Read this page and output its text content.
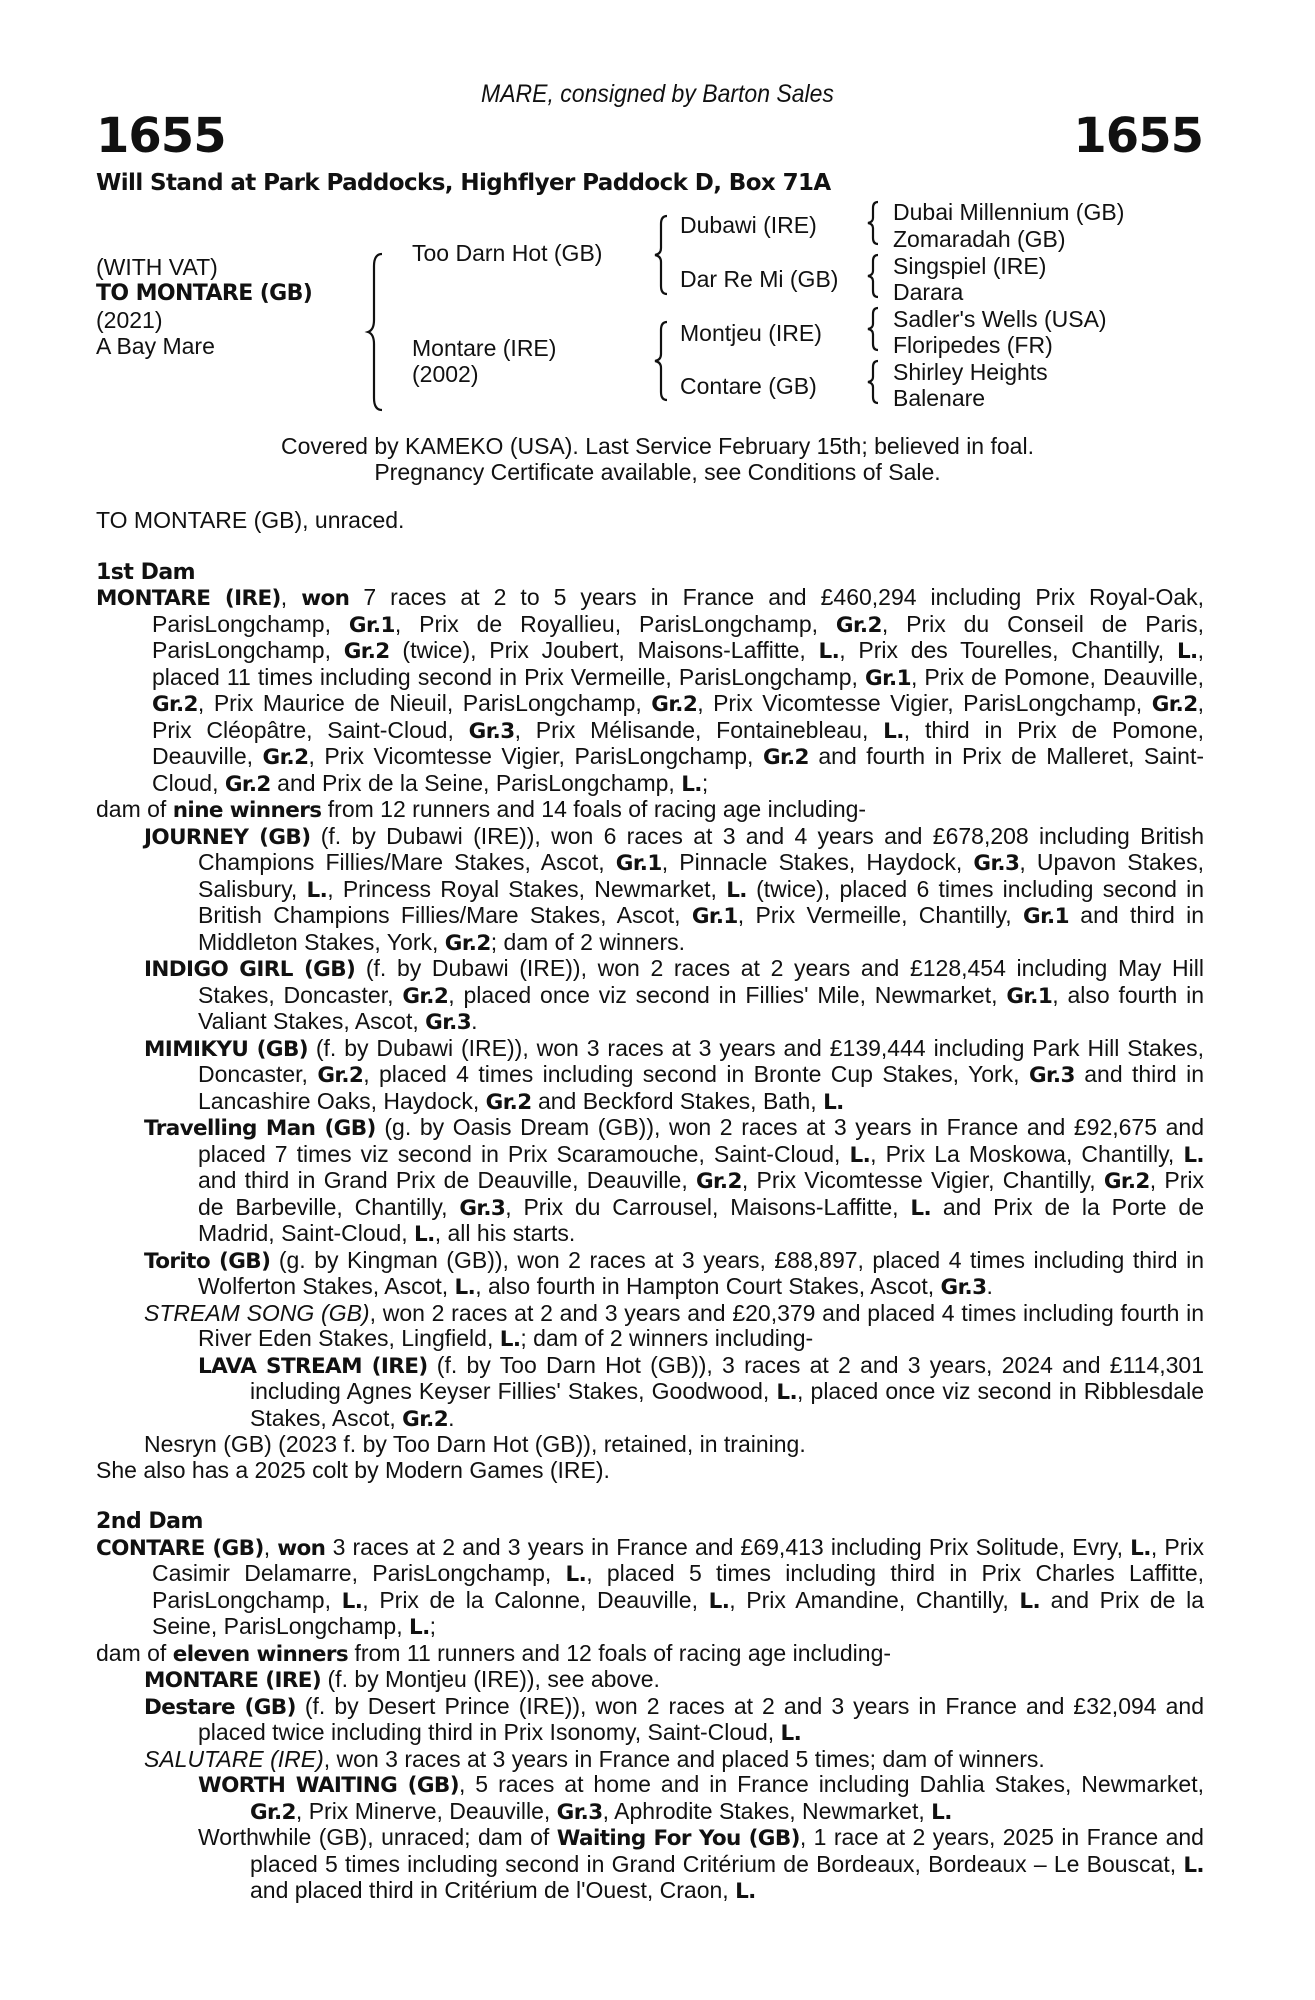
MARE, consigned by Barton Sales
1655	1655
Will Stand at Park Paddocks, Highflyer Paddock D, Box 71A
(WITH VAT)
TO MONTARE (GB)
(2021)
A Bay Mare
Too Darn Hot (GB)
Montare (IRE)
(2002)
Dubawi (IRE)
Dar Re Mi (GB)
Montjeu (IRE)
Contare (GB)
Dubai Millennium (GB)
Zomaradah (GB)
Singspiel (IRE)
Darara
Sadler's Wells (USA)
Floripedes (FR)
Shirley Heights
Balenare
Covered by KAMEKO (USA). Last Service February 15th; believed in foal.
Pregnancy Certificate available, see Conditions of Sale.

TO MONTARE (GB), unraced.

1st Dam

MONTARE (IRE), won 7 races at 2 to 5 years in France and £460,294 including Prix Royal-Oak, ParisLongchamp, Gr.1, Prix de Royallieu, ParisLongchamp, Gr.2, Prix du Conseil de Paris, ParisLongchamp, Gr.2 (twice), Prix Joubert, Maisons-Laffitte, L., Prix des Tourelles, Chantilly, L., placed 11 times including second in Prix Vermeille, ParisLongchamp, Gr.1, Prix de Pomone, Deauville, Gr.2, Prix Maurice de Nieuil, ParisLongchamp, Gr.2, Prix Vicomtesse Vigier, ParisLongchamp, Gr.2, Prix Cléopâtre, Saint-Cloud, Gr.3, Prix Mélisande, Fontainebleau, L., third in Prix de Pomone, Deauville, Gr.2, Prix Vicomtesse Vigier, ParisLongchamp, Gr.2 and fourth in Prix de Malleret, Saint-Cloud, Gr.2 and Prix de la Seine, ParisLongchamp, L.;

dam of nine winners from 12 runners and 14 foals of racing age including-

JOURNEY (GB) (f. by Dubawi (IRE)), won 6 races at 3 and 4 years and £678,208 including British Champions Fillies/Mare Stakes, Ascot, Gr.1, Pinnacle Stakes, Haydock, Gr.3, Upavon Stakes, Salisbury, L., Princess Royal Stakes, Newmarket, L. (twice), placed 6 times including second in British Champions Fillies/Mare Stakes, Ascot, Gr.1, Prix Vermeille, Chantilly, Gr.1 and third in Middleton Stakes, York, Gr.2; dam of 2 winners.

INDIGO GIRL (GB) (f. by Dubawi (IRE)), won 2 races at 2 years and £128,454 including May Hill Stakes, Doncaster, Gr.2, placed once viz second in Fillies' Mile, Newmarket, Gr.1, also fourth in Valiant Stakes, Ascot, Gr.3.

MIMIKYU (GB) (f. by Dubawi (IRE)), won 3 races at 3 years and £139,444 including Park Hill Stakes, Doncaster, Gr.2, placed 4 times including second in Bronte Cup Stakes, York, Gr.3 and third in Lancashire Oaks, Haydock, Gr.2 and Beckford Stakes, Bath, L.

Travelling Man (GB) (g. by Oasis Dream (GB)), won 2 races at 3 years in France and £92,675 and placed 7 times viz second in Prix Scaramouche, Saint-Cloud, L., Prix La Moskowa, Chantilly, L. and third in Grand Prix de Deauville, Deauville, Gr.2, Prix Vicomtesse Vigier, Chantilly, Gr.2, Prix de Barbeville, Chantilly, Gr.3, Prix du Carrousel, Maisons-Laffitte, L. and Prix de la Porte de Madrid, Saint-Cloud, L., all his starts.

Torito (GB) (g. by Kingman (GB)), won 2 races at 3 years, £88,897, placed 4 times including third in Wolferton Stakes, Ascot, L., also fourth in Hampton Court Stakes, Ascot, Gr.3.

STREAM SONG (GB), won 2 races at 2 and 3 years and £20,379 and placed 4 times including fourth in River Eden Stakes, Lingfield, L.; dam of 2 winners including-

LAVA STREAM (IRE) (f. by Too Darn Hot (GB)), 3 races at 2 and 3 years, 2024 and £114,301 including Agnes Keyser Fillies' Stakes, Goodwood, L., placed once viz second in Ribblesdale Stakes, Ascot, Gr.2.

Nesryn (GB) (2023 f. by Too Darn Hot (GB)), retained, in training.

She also has a 2025 colt by Modern Games (IRE).

2nd Dam

CONTARE (GB), won 3 races at 2 and 3 years in France and £69,413 including Prix Solitude, Evry, L., Prix Casimir Delamarre, ParisLongchamp, L., placed 5 times including third in Prix Charles Laffitte, ParisLongchamp, L., Prix de la Calonne, Deauville, L., Prix Amandine, Chantilly, L. and Prix de la Seine, ParisLongchamp, L.;

dam of eleven winners from 11 runners and 12 foals of racing age including-

MONTARE (IRE) (f. by Montjeu (IRE)), see above.

Destare (GB) (f. by Desert Prince (IRE)), won 2 races at 2 and 3 years in France and £32,094 and placed twice including third in Prix Isonomy, Saint-Cloud, L.

SALUTARE (IRE), won 3 races at 3 years in France and placed 5 times; dam of winners.

WORTH WAITING (GB), 5 races at home and in France including Dahlia Stakes, Newmarket, Gr.2, Prix Minerve, Deauville, Gr.3, Aphrodite Stakes, Newmarket, L.

Worthwhile (GB), unraced; dam of Waiting For You (GB), 1 race at 2 years, 2025 in France and placed 5 times including second in Grand Critérium de Bordeaux, Bordeaux – Le Bouscat, L. and placed third in Critérium de l'Ouest, Craon, L.
